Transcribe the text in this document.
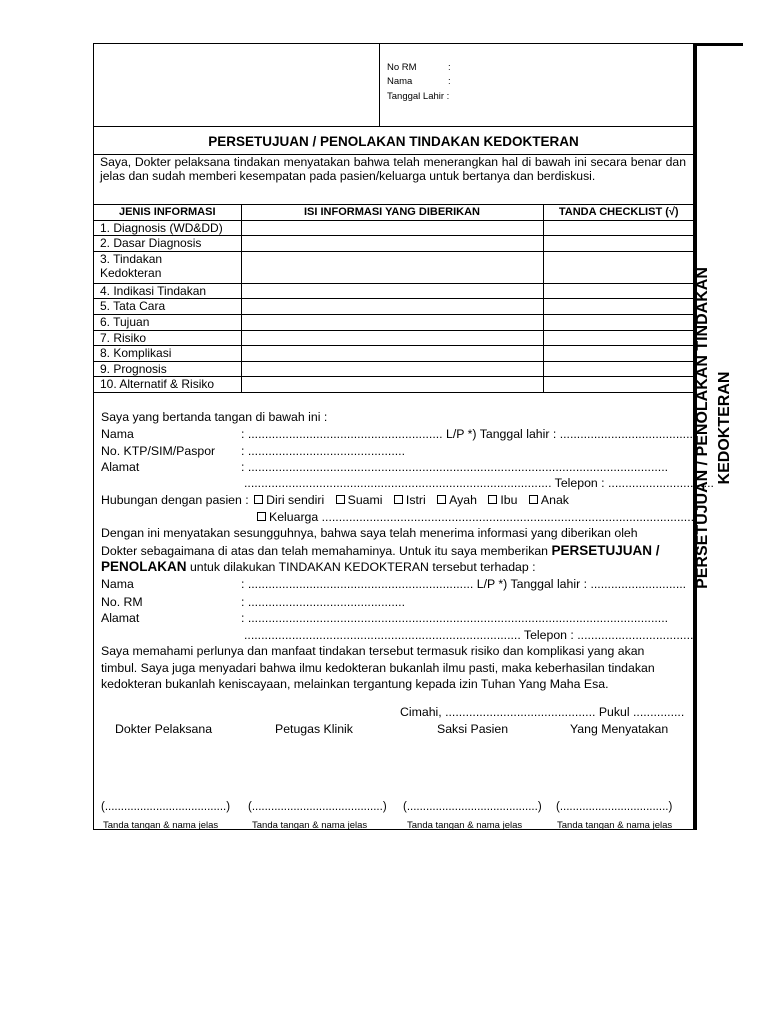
No RM	:
Nama	:
Tanggal Lahir :
PERSETUJUAN / PENOLAKAN TINDAKAN KEDOKTERAN
Saya, Dokter pelaksana tindakan menyatakan bahwa telah menerangkan hal di bawah ini secara benar dan jelas dan sudah memberi kesempatan pada pasien/keluarga untuk bertanya dan berdiskusi.
JENIS INFORMASI	ISI INFORMASI YANG DIBERIKAN	TANDA CHECKLIST (√)
1. Diagnosis (WD&DD)		
2. Dasar Diagnosis		
3. Tindakan
Kedokteran		
4. Indikasi Tindakan		
5. Tata Cara		
6. Tujuan		
7. Risiko		
8. Komplikasi		
9. Prognosis		
10. Alternatif & Risiko		
Saya yang bertanda tangan di bawah ini :
Nama	: ......................................................... L/P *) Tanggal lahir : .......................................
No. KTP/SIM/Paspor : ..............................................
Alamat	: ...........................................................................................................................
.......................................................................................... Telepon : ...............................
Hubungan dengan pasien : Diri sendiri Suami Istri Ayah Ibu Anak
Keluarga .............................................................................................................
Dengan ini menyatakan sesungguhnya, bahwa saya telah menerima informasi yang diberikan oleh
Dokter sebagaimana di atas dan telah memahaminya. Untuk itu saya memberikan PERSETUJUAN /
PENOLAKAN untuk dilakukan TINDAKAN KEDOKTERAN tersebut terhadap :
Nama	: .................................................................. L/P *) Tanggal lahir : ............................
No. RM	: ..............................................
Alamat	: ...........................................................................................................................
................................................................................. Telepon : ..................................
Saya memahami perlunya dan manfaat tindakan tersebut termasuk risiko dan komplikasi yang akan
timbul. Saya juga menyadari bahwa ilmu kedokteran bukanlah ilmu pasti, maka keberhasilan tindakan
kedokteran bukanlah keniscayaan, melainkan tergantung kepada izin Tuhan Yang Maha Esa.
Cimahi, ............................................ Pukul ...............
Dokter Pelaksana	Petugas Klinik	Saksi Pasien	Yang Menyatakan
(......................................) (.........................................) (.........................................) (..................................)
Tanda tangan & nama jelas	Tanda tangan & nama jelas	Tanda tangan & nama jelas	Tanda tangan & nama jelas
PERSETUJUAN / PENOLAKAN TINDAKAN KEDOKTERAN
